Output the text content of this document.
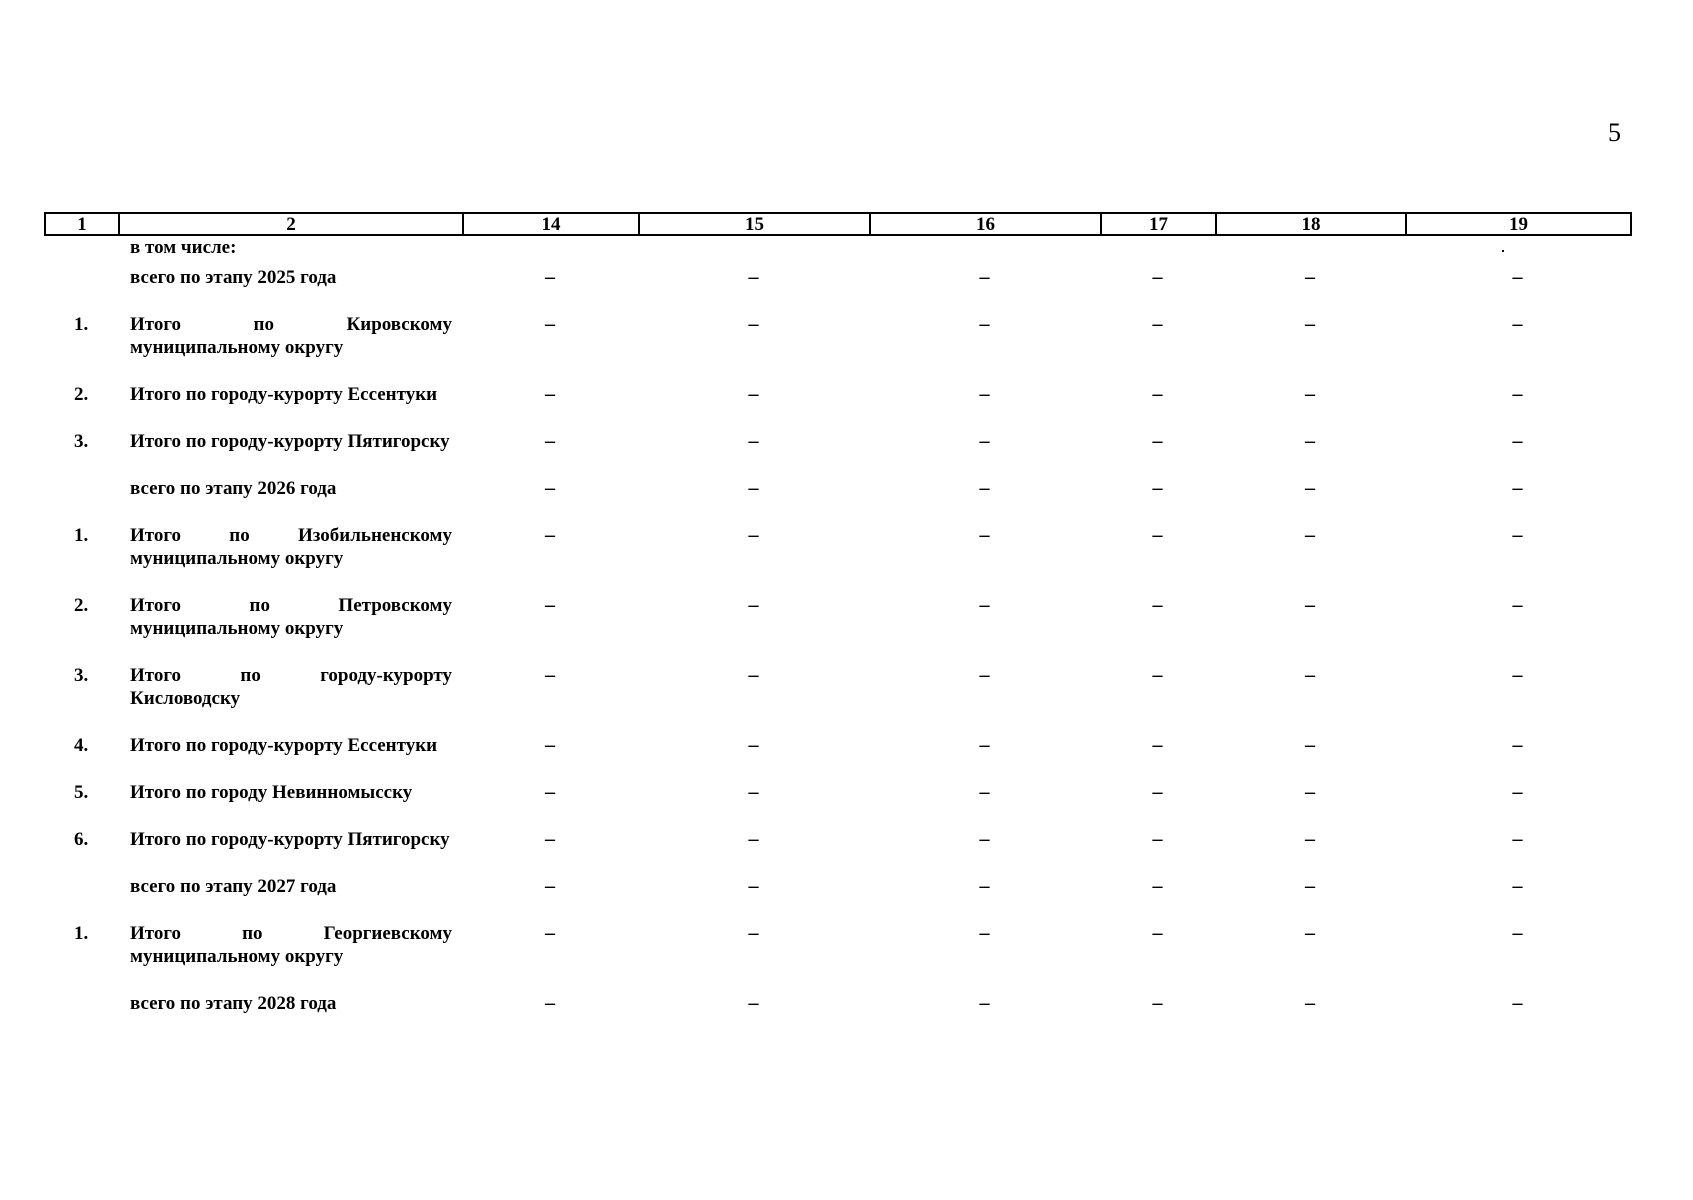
5
1	2	14	15	16	17	18	19
	в том числе:						
	всего по этапу 2025 года	–	–	–	–	–	–
1.	Итого по Кировскому муниципальному округу	–	–	–	–	–	–
2.	Итого по городу-курорту Ессентуки	–	–	–	–	–	–
3.	Итого по городу-курорту Пятигорску	–	–	–	–	–	–
	всего по этапу 2026 года	–	–	–	–	–	–
1.	Итого по Изобильненскому муниципальному округу	–	–	–	–	–	–
2.	Итого по Петровскому муниципальному округу	–	–	–	–	–	–
3.	Итого по городу-курорту Кисловодску	–	–	–	–	–	–
4.	Итого по городу-курорту Ессентуки	–	–	–	–	–	–
5.	Итого по городу Невинномысску	–	–	–	–	–	–
6.	Итого по городу-курорту Пятигорску	–	–	–	–	–	–
	всего по этапу 2027 года	–	–	–	–	–	–
1.	Итого по Георгиевскому муниципальному округу	–	–	–	–	–	–
	всего по этапу 2028 года	–	–	–	–	–	–
